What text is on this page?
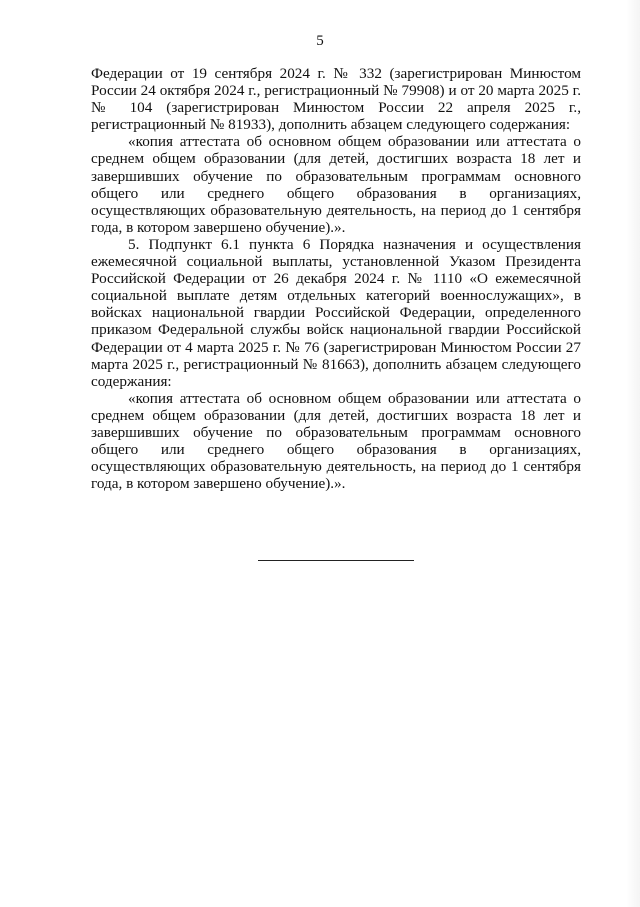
5

Федерации от 19 сентября 2024 г. № 332 (зарегистрирован Минюстом России 24 октября 2024 г., регистрационный № 79908) и от 20 марта 2025 г. № 104 (зарегистрирован Минюстом России 22 апреля 2025 г., регистрационный № 81933), дополнить абзацем следующего содержания:

«копия аттестата об основном общем образовании или аттестата о среднем общем образовании (для детей, достигших возраста 18 лет и завершивших обучение по образовательным программам основного общего или среднего общего образования в организациях, осуществляющих образовательную деятельность, на период до 1 сентября года, в котором завершено обучение).».

5. Подпункт 6.1 пункта 6 Порядка назначения и осуществления ежемесячной социальной выплаты, установленной Указом Президента Российской Федерации от 26 декабря 2024 г. № 1110 «О ежемесячной социальной выплате детям отдельных категорий военнослужащих», в войсках национальной гвардии Российской Федерации, определенного приказом Федеральной службы войск национальной гвардии Российской Федерации от 4 марта 2025 г. № 76 (зарегистрирован Минюстом России 27 марта 2025 г., регистрационный № 81663), дополнить абзацем следующего содержания:

«копия аттестата об основном общем образовании или аттестата о среднем общем образовании (для детей, достигших возраста 18 лет и завершивших обучение по образовательным программам основного общего или среднего общего образования в организациях, осуществляющих образовательную деятельность, на период до 1 сентября года, в котором завершено обучение).».
